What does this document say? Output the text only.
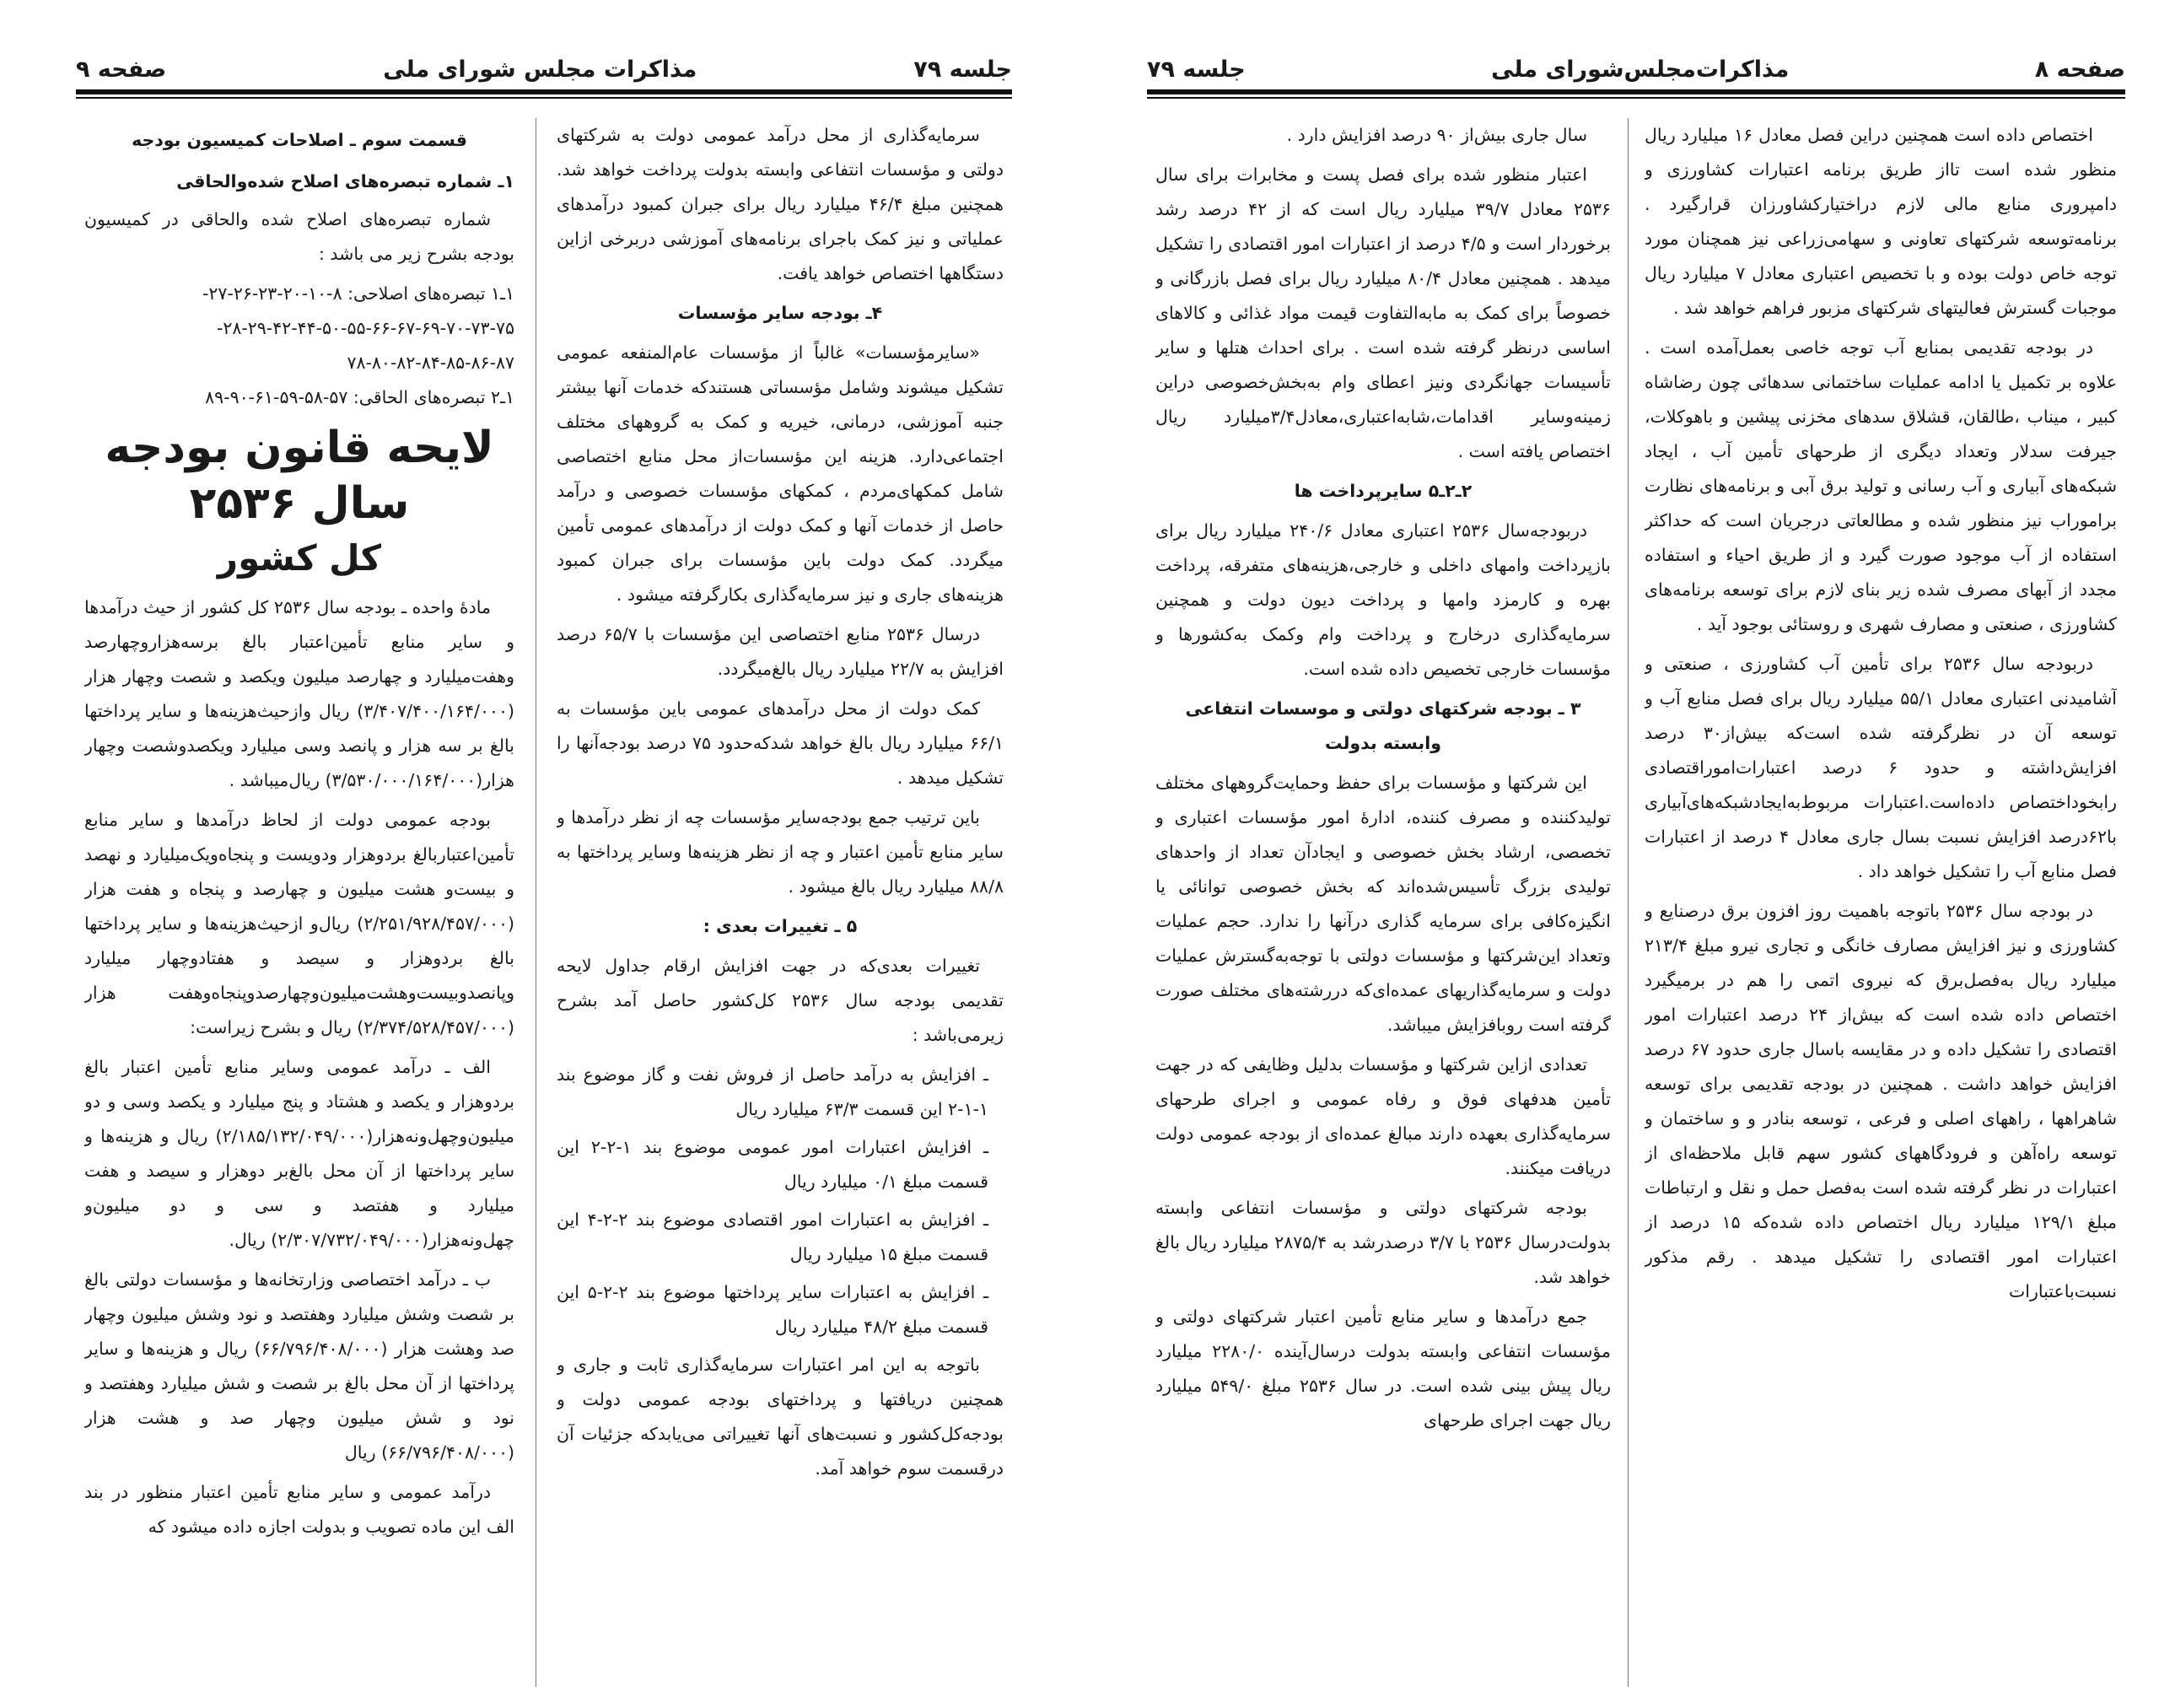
جلسه ۷۹
مذاکرات مجلس شورای ملی
صفحه ۹

سرمایه‌گذاری از محل درآمد عمومی دولت به شرکتهای دولتی و مؤسسات انتفاعی وابسته بدولت پرداخت خواهد شد. همچنین مبلغ ۴۶/۴ میلیارد ریال برای جبران کمبود درآمدهای عملیاتی و نیز کمک باجرای برنامه‌های آموزشی دربرخی ازاین دستگاهها اختصاص خواهد یافت.

۴ـ بودجه سایر مؤسسات

«سایرمؤسسات» غالباً از مؤسسات عام‌المنفعه عمومی تشکیل میشوند وشامل مؤسساتی هستندکه خدمات آنها بیشتر جنبه آموزشی، درمانی، خیریه و کمک به گروههای مختلف اجتماعی‌دارد. هزینه این مؤسسات‌از محل منابع اختصاصی شامل کمکهای‌مردم ، کمکهای مؤسسات خصوصی و درآمد حاصل از خدمات آنها و کمک دولت از درآمدهای عمومی تأمین میگردد. کمک دولت باین مؤسسات برای جبران کمبود هزینه‌های جاری و نیز سرمایه‌گذاری بکارگرفته میشود .

درسال ۲۵۳۶ منابع اختصاصی این مؤسسات با ۶۵/۷ درصد افزایش به ۲۲/۷ میلیارد ریال بالغ‌میگردد.

کمک دولت از محل درآمدهای عمومی باین مؤسسات به ۶۶/۱ میلیارد ریال بالغ خواهد شدکه‌حدود ۷۵ درصد بودجه‌آنها را تشکیل میدهد .

باین ترتیب جمع بودجه‌سایر مؤسسات چه از نظر درآمدها و سایر منابع تأمین اعتبار و چه از نظر هزینه‌ها وسایر پرداختها به ۸۸/۸ میلیارد ریال بالغ میشود .

۵ ـ تغییرات بعدی :

تغییرات بعدی‌که در جهت افزایش ارقام جداول لایحه تقدیمی بودجه سال ۲۵۳۶ کل‌کشور حاصل آمد بشرح زیرمی‌باشد :

ـ افزایش به درآمد حاصل از فروش نفت و گاز موضوع بند ۱-۱-۲ این قسمت ۶۳/۳ میلیارد ریال

ـ افزایش اعتبارات امور عمومی موضوع بند ۱-۲-۲ این قسمت مبلغ ۰/۱ میلیارد ریال

ـ افزایش به اعتبارات امور اقتصادی موضوع بند ۲-۲-۴ این قسمت مبلغ ۱۵ میلیارد ریال

ـ افزایش به اعتبارات سایر پرداختها موضوع بند ۲-۲-۵ این قسمت مبلغ ۴۸/۲ میلیارد ریال

باتوجه به این امر اعتبارات سرمایه‌گذاری ثابت و جاری و همچنین دریافتها و پرداختهای بودجه عمومی دولت و بودجه‌کل‌کشور و نسبت‌های آنها تغییراتی می‌یابدکه جزئیات آن درقسمت سوم خواهد آمد.

قسمت سوم ـ اصلاحات کمیسیون بودجه
۱ـ شماره تبصره‌های اصلاح شده‌والحاقی

شماره تبصره‌های اصلاح شده والحاقی در کمیسیون بودجه بشرح زیر می باشد :

۱ـ۱ تبصره‌های اصلاحی: ۸-۱۰-۲۰-۲۳-۲۶-۲۷-

۲۸-۲۹-۴۲-۴۴-۵۰-۵۵-۶۶-۶۷-۶۹-۷۰-۷۳-۷۵-

۷۸-۸۰-۸۲-۸۴-۸۵-۸۶-۸۷

۱ـ۲ تبصره‌های الحاقی: ۵۷-۵۸-۵۹-۶۱-۹۰-۸۹

لایحه قانون بودجه سال ۲۵۳۶
کل کشور

مادهٔ واحده ـ بودجه سال ۲۵۳۶ کل کشور از حیث درآمدها و سایر منابع تأمین‌اعتبار بالغ برسه‌هزاروچهارصد وهفت‌میلیارد و چهارصد میلیون ویکصد و شصت وچهار هزار (۳/۴۰۷/۴۰۰/۱۶۴/۰۰۰) ریال وازحیث‌هزینه‌ها و سایر پرداختها بالغ بر سه هزار و پانصد وسی میلیارد ویکصدوشصت وچهار هزار(۳/۵۳۰/۰۰۰/۱۶۴/۰۰۰) ریال‌میباشد .

بودجه عمومی دولت از لحاظ درآمدها و سایر منابع تأمین‌اعتباربالغ بردوهزار ودویست و پنجاه‌ویک‌میلیارد و نهصد و بیست‌و هشت میلیون و چهارصد و پنجاه و هفت هزار (۲/۲۵۱/۹۲۸/۴۵۷/۰۰۰) ریال‌و ازحیث‌هزینه‌ها و سایر پرداختها بالغ بردوهزار و سیصد و هفتادوچهار میلیارد وپانصدوبیست‌وهشت‌میلیون‌وچهارصدوپنجاه‌وهفت هزار (۲/۳۷۴/۵۲۸/۴۵۷/۰۰۰) ریال و بشرح زیراست:

الف ـ درآمد عمومی وسایر منابع تأمین اعتبار بالغ بردوهزار و یکصد و هشتاد و پنج میلیارد و یکصد وسی و دو میلیون‌وچهل‌ونه‌هزار(۲/۱۸۵/۱۳۲/۰۴۹/۰۰۰) ریال و هزینه‌ها و سایر پرداختها از آن محل بالغ‌بر دوهزار و سیصد و هفت میلیارد و هفتصد و سی و دو میلیون‌و چهل‌ونه‌هزار(۲/۳۰۷/۷۳۲/۰۴۹/۰۰۰) ریال.

ب ـ درآمد اختصاصی وزارتخانه‌ها و مؤسسات دولتی بالغ بر شصت وشش میلیارد وهفتصد و نود وشش میلیون وچهار صد وهشت هزار (۶۶/۷۹۶/۴۰۸/۰۰۰) ریال و هزینه‌ها و سایر پرداختها از آن محل بالغ بر شصت و شش میلیارد وهفتصد و نود و شش میلیون وچهار صد و هشت هزار (۶۶/۷۹۶/۴۰۸/۰۰۰) ریال

درآمد عمومی و سایر منابع تأمین اعتبار منظور در بند الف این ماده تصویب و بدولت اجازه داده میشود که

صفحه ۸
مذاکرات‌مجلس‌شورای ملی
جلسه ۷۹

اختصاص داده است همچنین دراین فصل معادل ۱۶ میلیارد ریال منظور شده است تااز طریق برنامه اعتبارات کشاورزی و دامپروری منابع مالی لازم دراختیارکشاورزان قرارگیرد . برنامه‌توسعه شرکتهای تعاونی و سهامی‌زراعی نیز همچنان مورد توجه خاص دولت بوده و با تخصیص اعتباری معادل ۷ میلیارد ریال موجبات گسترش فعالیتهای شرکتهای مزبور فراهم خواهد شد .

در بودجه تقدیمی بمنابع آب توجه خاصی بعمل‌آمده است . علاوه بر تکمیل یا ادامه عملیات ساختمانی سدهائی چون رضاشاه کبیر ، میناب ،طالقان، قشلاق سدهای مخزنی پیشین و باهوکلات، جیرفت سدلار وتعداد دیگری از طرحهای تأمین آب ، ایجاد شبکه‌های آبیاری و آب رسانی و تولید برق آبی و برنامه‌های نظارت براموراب نیز منظور شده و مطالعاتی درجریان است که حداکثر استفاده از آب موجود صورت گیرد و از طریق احیاء و استفاده مجدد از آبهای مصرف شده زیر بنای لازم برای توسعه برنامه‌های کشاورزی ، صنعتی و مصارف شهری و روستائی بوجود آید .

دربودجه سال ۲۵۳۶ برای تأمین آب کشاورزی ، صنعتی و آشامیدنی اعتباری معادل ۵۵/۱ میلیارد ریال برای فصل منابع آب و توسعه آن در نظرگرفته شده است‌که بیش‌از۳۰ درصد افزایش‌داشته و حدود ۶ درصد اعتبارات‌اموراقتصادی رابخوداختصاص داده‌است.اعتبارات مربوط‌به‌ایجادشبکه‌های‌آبیاری با۶۲درصد افزایش نسبت بسال جاری معادل ۴ درصد از اعتبارات فصل منابع آب را تشکیل خواهد داد .

در بودجه سال ۲۵۳۶ باتوجه باهمیت روز افزون برق درصنایع و کشاورزی و نیز افزایش مصارف خانگی و تجاری نیرو مبلغ ۲۱۳/۴ میلیارد ریال به‌فصل‌برق که نیروی اتمی را هم در برمیگیرد اختصاص داده شده است که بیش‌از ۲۴ درصد اعتبارات امور اقتصادی را تشکیل داده و در مقایسه باسال جاری حدود ۶۷ درصد افزایش خواهد داشت . همچنین در بودجه تقدیمی برای توسعه شاهراهها ، راههای اصلی و فرعی ، توسعه بنادر و و ساختمان و توسعه راه‌آهن و فرودگاههای کشور سهم قابل ملاحظه‌ای از اعتبارات در نظر گرفته شده است به‌فصل حمل و نقل و ارتباطات مبلغ ۱۲۹/۱ میلیارد ریال اختصاص داده شده‌که ۱۵ درصد از اعتبارات امور اقتصادی را تشکیل میدهد . رقم مذکور نسبت‌باعتبارات

سال جاری بیش‌از ۹۰ درصد افزایش دارد .

اعتبار منظور شده برای فصل پست و مخابرات برای سال ۲۵۳۶ معادل ۳۹/۷ میلیارد ریال است که از ۴۲ درصد رشد برخوردار است و ۴/۵ درصد از اعتبارات امور اقتصادی را تشکیل میدهد . همچنین معادل ۸۰/۴ میلیارد ریال برای فصل بازرگانی و خصوصاً برای کمک به مابه‌التفاوت قیمت مواد غذائی و کالاهای اساسی درنظر گرفته شده است . برای احداث هتلها و سایر تأسیسات جهانگردی ونیز اعطای وام به‌بخش‌خصوصی دراین زمینه‌وسایر اقدامات،شابه‌اعتباری،معادل۳/۴میلیارد ریال اختصاص یافته است .

۲ـ۲ـ۵ سایرپرداخت ها

دربودجه‌سال ۲۵۳۶ اعتباری معادل ۲۴۰/۶ میلیارد ریال برای بازپرداخت وامهای داخلی و خارجی،هزینه‌های متفرقه، پرداخت بهره و کارمزد وامها و پرداخت دیون دولت و همچنین سرمایه‌گذاری درخارج و پرداخت وام وکمک به‌کشورها و مؤسسات خارجی تخصیص داده شده است.

۳ ـ بودجه شرکتهای دولتی و موسسات انتفاعی وابسته بدولت

این شرکتها و مؤسسات برای حفظ وحمایت‌گروههای مختلف تولیدکننده و مصرف کننده، ادارهٔ امور مؤسسات اعتباری و تخصصی، ارشاد بخش خصوصی و ایجادآن تعداد از واحدهای تولیدی بزرگ تأسیس‌شده‌اند که بخش خصوصی توانائی یا انگیزه‌کافی برای سرمایه گذاری درآنها را ندارد. حجم عملیات وتعداد این‌شرکتها و مؤسسات دولتی با توجه‌به‌گسترش عملیات دولت و سرمایه‌گذاریهای عمده‌ای‌که دررشته‌های مختلف صورت گرفته است رو‌بافزایش میباشد.

تعدادی ازاین شرکتها و مؤسسات بدلیل وظایفی که در جهت تأمین هدفهای فوق و رفاه عمومی و اجرای طرحهای سرمایه‌گذاری بعهده دارند مبالغ عمده‌ای از بودجه عمومی دولت دریافت میکنند.

بودجه شرکتهای دولتی و مؤسسات انتفاعی وابسته بدولت‌درسال ۲۵۳۶ با ۳/۷ درصدرشد به ۲۸۷۵/۴ میلیارد ریال بالغ خواهد شد.

جمع درآمدها و سایر منابع تأمین اعتبار شرکتهای دولتی و مؤسسات انتفاعی وابسته بدولت درسال‌آینده ۲۲۸۰/۰ میلیارد ریال پیش بینی شده است. در سال ۲۵۳۶ مبلغ ۵۴۹/۰ میلیارد ریال جهت اجرای طرحهای
